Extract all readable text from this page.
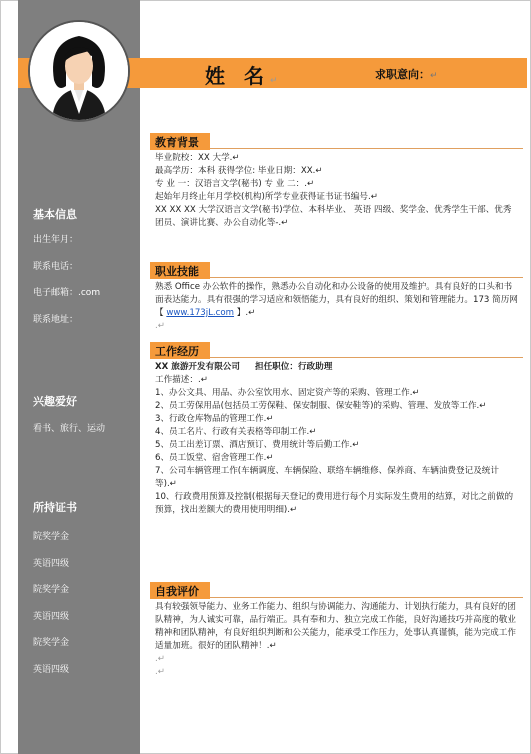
姓 名↵	求职意向：↵
基本信息
出生年月：
联系电话：
电子邮箱：.com
联系地址：
兴趣爱好
看书、旅行、运动
所持证书
院奖学金
英语四级
院奖学金
英语四级
院奖学金
英语四级
教育背景
毕业院校：XX 大学.↵
最高学历：本科 获得学位: 毕业日期：XX.↵
专 业 一：汉语言文学(秘书) 专 业 二：.↵
起始年月终止年月学校(机构)所学专业获得证书证书编号.↵
XX XX XX 大学汉语言文学(秘书)学位、本科毕业、 英语 四级、奖学金、优秀学生干部、优秀团员、演讲比赛、办公自动化等-.↵
职业技能
熟悉 Office 办公软件的操作，熟悉办公自动化和办公设备的使用及维护。具有良好的口头和书面表达能力。具有很强的学习适应和领悟能力，具有良好的组织、策划和管理能力。173 简历网【 www.173jL.com 】.↵
.↵
工作经历
XX 旅游开发有限公司 担任职位：行政助理
工作描述：.↵
1、办公文具、用品、办公室饮用水、固定资产等的采购、管理工作.↵
2、员工劳保用品(包括员工劳保鞋、保安制服、保安鞋等)的采购、管理、发放等工作.↵
3、行政仓库物品的管理工作.↵
4、员工名片、行政有关表格等印制工作.↵
5、员工出差订票、酒店预订、费用统计等后勤工作.↵
6、员工饭堂、宿舍管理工作.↵
7、公司车辆管理工作(车辆调度、车辆保险、联络车辆维修、保养商、车辆油费登记及统计等).↵
10、行政费用预算及控制(根据每天登记的费用进行每个月实际发生费用的结算，对比之前做的预算，找出差额大的费用使用明细).↵
自我评价
具有较强领导能力、业务工作能力、组织与协调能力、沟通能力、计划执行能力，具有良好的团队精神，为人诚实可靠，品行端正。具有奉和力、独立完成工作能，良好沟通技巧并高度的敬业精神和团队精神，有良好组织判断和公关能力，能承受工作压力，处事认真谨慎，能为完成工作适量加班。很好的团队精神！.↵
.↵
.↵
